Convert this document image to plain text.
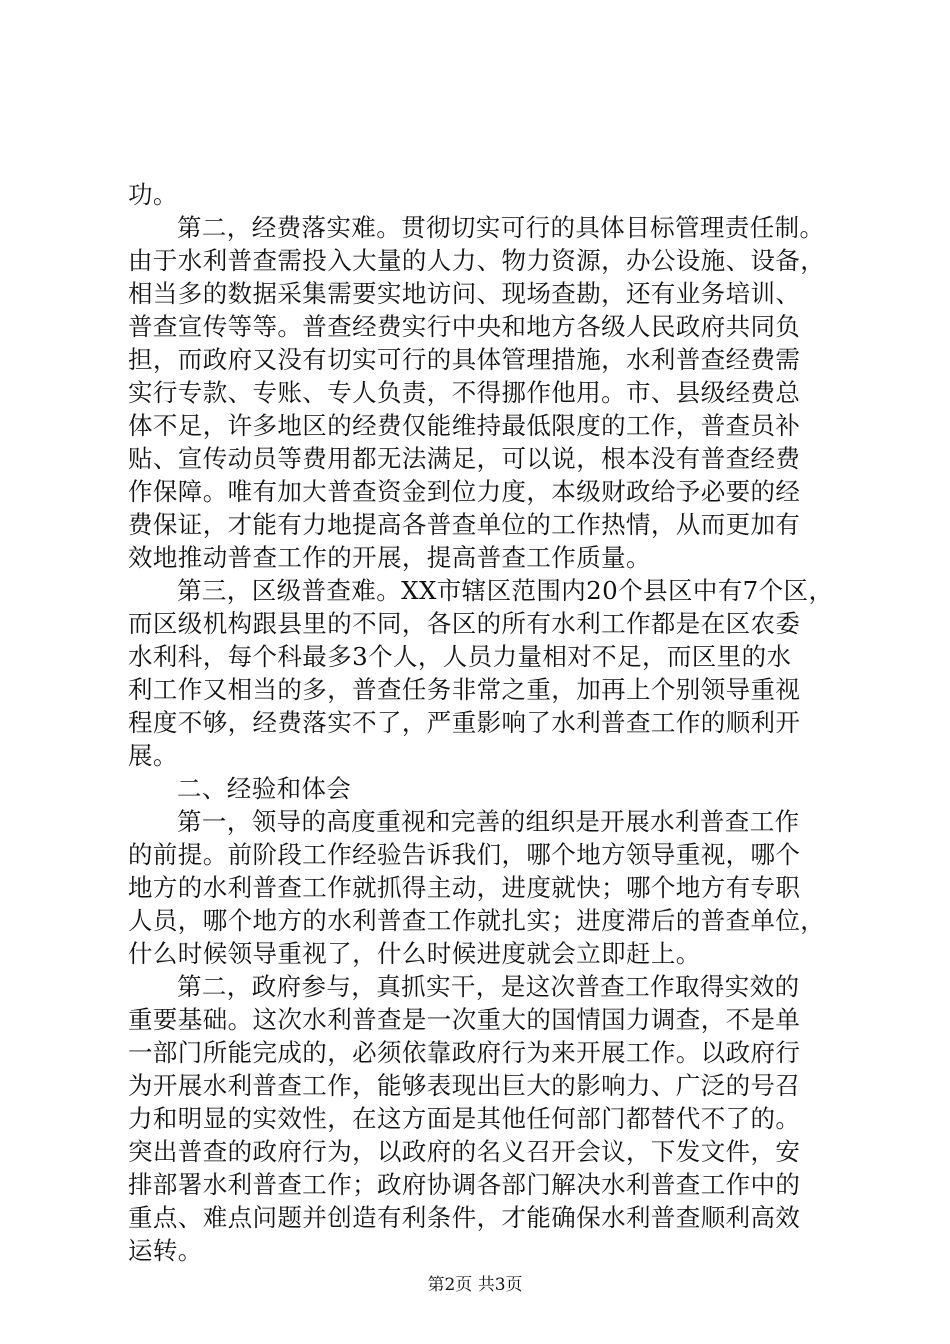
功。
第二，经费落实难。贯彻切实可行的具体目标管理责任制。
由于水利普查需投入大量的人力、物力资源，办公设施、设备，
相当多的数据采集需要实地访问、现场查勘，还有业务培训、
普查宣传等等。普查经费实行中央和地方各级人民政府共同负
担，而政府又没有切实可行的具体管理措施，水利普查经费需
实行专款、专账、专人负责，不得挪作他用。市、县级经费总
体不足，许多地区的经费仅能维持最低限度的工作，普查员补
贴、宣传动员等费用都无法满足，可以说，根本没有普查经费
作保障。唯有加大普查资金到位力度，本级财政给予必要的经
费保证，才能有力地提高各普查单位的工作热情，从而更加有
效地推动普查工作的开展，提高普查工作质量。
第三，区级普查难。XX市辖区范围内20个县区中有7个区，
而区级机构跟县里的不同，各区的所有水利工作都是在区农委
水利科，每个科最多3个人，人员力量相对不足，而区里的水
利工作又相当的多，普查任务非常之重，加再上个别领导重视
程度不够，经费落实不了，严重影响了水利普查工作的顺利开
展。
二、经验和体会
第一，领导的高度重视和完善的组织是开展水利普查工作
的前提。前阶段工作经验告诉我们，哪个地方领导重视，哪个
地方的水利普查工作就抓得主动，进度就快；哪个地方有专职
人员，哪个地方的水利普查工作就扎实；进度滞后的普查单位，
什么时候领导重视了，什么时候进度就会立即赶上。
第二，政府参与，真抓实干，是这次普查工作取得实效的
重要基础。这次水利普查是一次重大的国情国力调查，不是单
一部门所能完成的，必须依靠政府行为来开展工作。以政府行
为开展水利普查工作，能够表现出巨大的影响力、广泛的号召
力和明显的实效性，在这方面是其他任何部门都替代不了的。
突出普查的政府行为，以政府的名义召开会议，下发文件，安
排部署水利普查工作；政府协调各部门解决水利普查工作中的
重点、难点问题并创造有利条件，才能确保水利普查顺利高效
运转。
第2页 共3页
